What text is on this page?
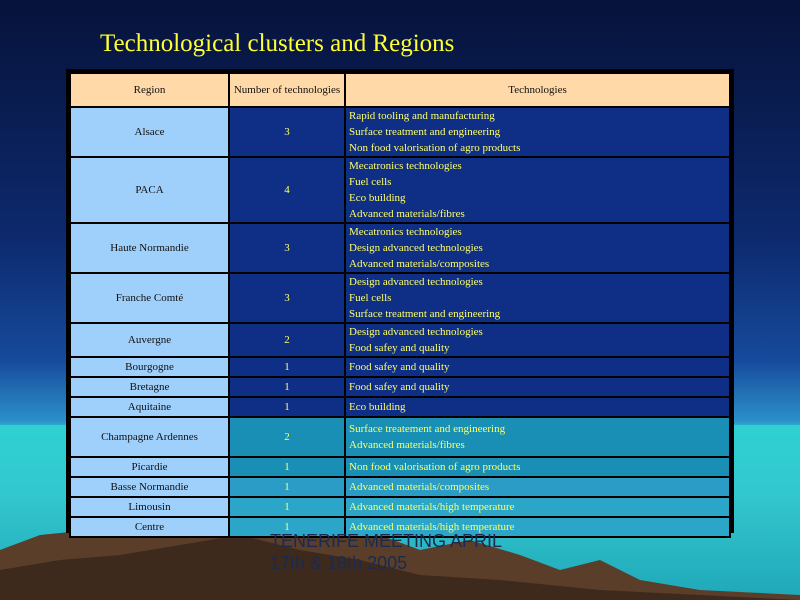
Technological clusters and Regions
Region	Number of technologies	Technologies
Alsace	3	Rapid tooling and manufacturing
Surface treatment and engineering
Non food valorisation of agro products

PACA	4	Mecatronics technologies
Fuel cells
Eco building
Advanced materials/fibres

Haute Normandie	3	Mecatronics technologies
Design advanced technologies
Advanced materials/composites

Franche Comté	3	Design advanced technologies
Fuel cells
Surface treatment and engineering

Auvergne	2	Design advanced technologies
Food safey and quality

Bourgogne	1	Food safey and quality

Bretagne	1	Food safey and quality

Aquitaine	1	Eco building

Champagne Ardennes	2	Surface treatement and engineering
Advanced materials/fibres

Picardie	1	Non food valorisation of agro products

Basse Normandie	1	Advanced materials/composites

Limousin	1	Advanced materials/high temperature

Centre	1	Advanced materials/high temperature
TENERIFE MEETING APRIL
17th & 18th 2005
